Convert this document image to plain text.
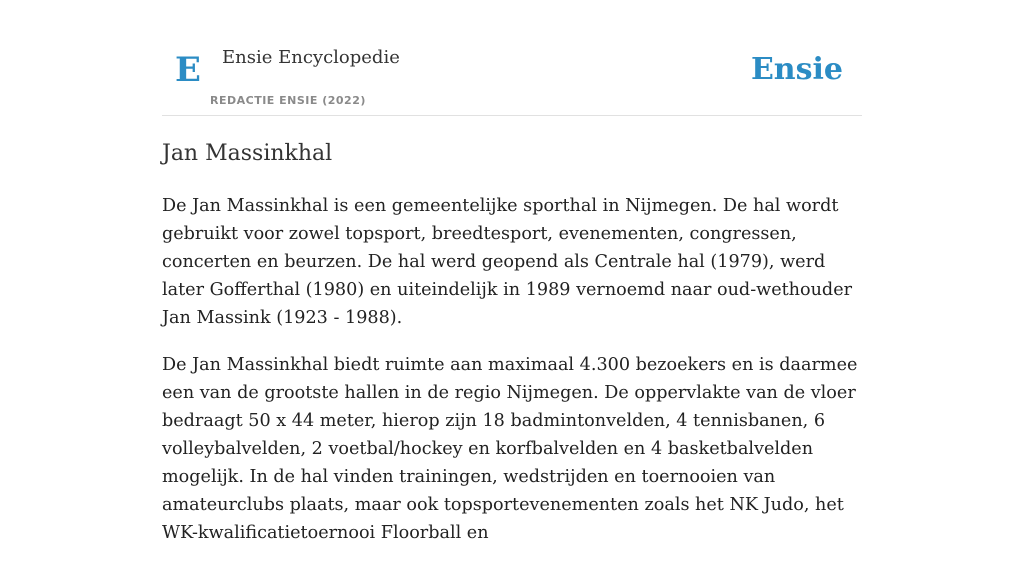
E Ensie Encyclopedie
REDACTIE ENSIE (2022)
Ensie
Jan Massinkhal

De Jan Massinkhal is een gemeentelijke sporthal in Nijmegen. De hal wordt gebruikt voor zowel topsport, breedtesport, evenementen, congressen, concerten en beurzen. De hal werd geopend als Centrale hal (1979), werd later Gofferthal (1980) en uiteindelijk in 1989 vernoemd naar oud-wethouder Jan Massink (1923 - 1988).

De Jan Massinkhal biedt ruimte aan maximaal 4.300 bezoekers en is daarmee een van de grootste hallen in de regio Nijmegen. De oppervlakte van de vloer bedraagt 50 x 44 meter, hierop zijn 18 badmintonvelden, 4 tennisbanen, 6 volleybalvelden, 2 voetbal/hockey en korfbalvelden en 4 basketbalvelden mogelijk. In de hal vinden trainingen, wedstrijden en toernooien van amateurclubs plaats, maar ook topsportevenementen zoals het NK Judo, het WK-kwalificatietoernooi Floorball en
